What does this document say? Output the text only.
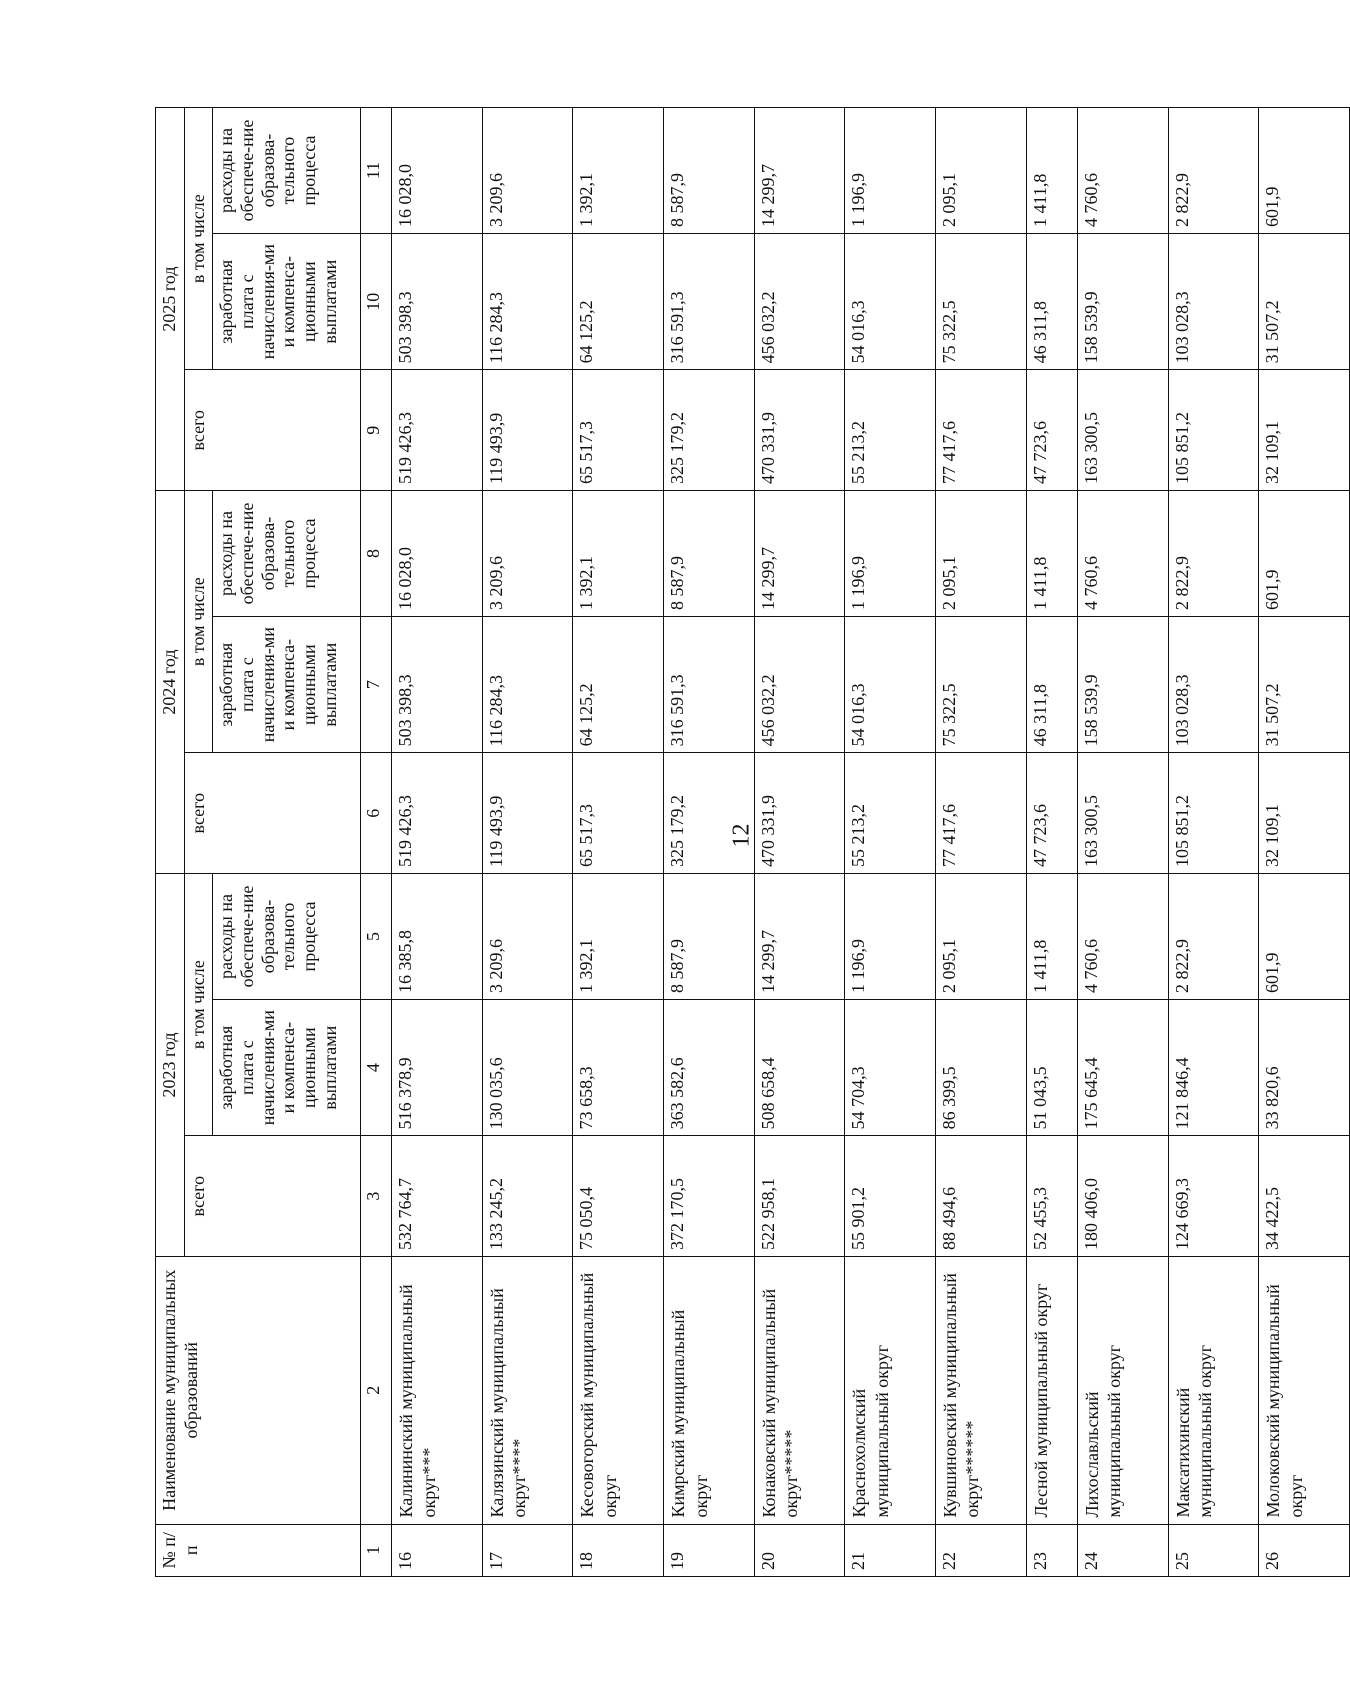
12
№ п/п	Наименование муниципальных образований	2023 год			2024 год			2025 год		
		всего	в том числе		всего	в том числе		всего	в том числе	
			заработная плата с начисления-ми и компенса-ционными выплатами	расходы на обеспече-ние образова-тельного процесса		заработная плата с начисления-ми и компенса-ционными выплатами	расходы на обеспече-ние образова-тельного процесса		заработная плата с начисления-ми и компенса-ционными выплатами	расходы на обеспече-ние образова-тельного процесса
1	2	3	4	5	6	7	8	9	10	11
16	Калининский муниципальный округ***	532 764,7	516 378,9	16 385,8	519 426,3	503 398,3	16 028,0	519 426,3	503 398,3	16 028,0
17	Калязинский муниципальный округ****	133 245,2	130 035,6	3 209,6	119 493,9	116 284,3	3 209,6	119 493,9	116 284,3	3 209,6
18	Кесовогорский муниципальный округ	75 050,4	73 658,3	1 392,1	65 517,3	64 125,2	1 392,1	65 517,3	64 125,2	1 392,1
19	Кимрский муниципальный округ	372 170,5	363 582,6	8 587,9	325 179,2	316 591,3	8 587,9	325 179,2	316 591,3	8 587,9
20	Конаковский муниципальный округ*****	522 958,1	508 658,4	14 299,7	470 331,9	456 032,2	14 299,7	470 331,9	456 032,2	14 299,7
21	Краснохолмский муниципальный округ	55 901,2	54 704,3	1 196,9	55 213,2	54 016,3	1 196,9	55 213,2	54 016,3	1 196,9
22	Кувшиновский муниципальный округ******	88 494,6	86 399,5	2 095,1	77 417,6	75 322,5	2 095,1	77 417,6	75 322,5	2 095,1
23	Лесной муниципальный округ	52 455,3	51 043,5	1 411,8	47 723,6	46 311,8	1 411,8	47 723,6	46 311,8	1 411,8
24	Лихославльский муниципальный округ	180 406,0	175 645,4	4 760,6	163 300,5	158 539,9	4 760,6	163 300,5	158 539,9	4 760,6
25	Максатихинский муниципальный округ	124 669,3	121 846,4	2 822,9	105 851,2	103 028,3	2 822,9	105 851,2	103 028,3	2 822,9
26	Молоковский муниципальный округ	34 422,5	33 820,6	601,9	32 109,1	31 507,2	601,9	32 109,1	31 507,2	601,9
